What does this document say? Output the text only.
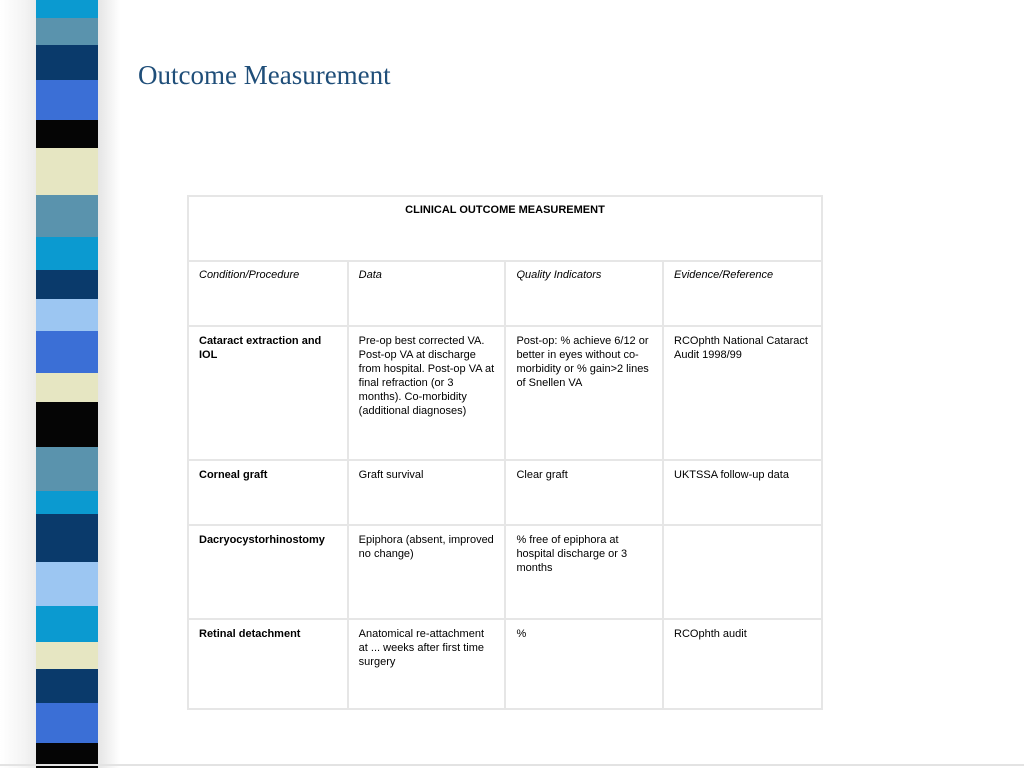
Outcome Measurement
CLINICAL OUTCOME MEASUREMENT			
Condition/Procedure	Data	Quality Indicators	Evidence/Reference
Cataract extraction and IOL	Pre-op best corrected VA. Post-op VA at discharge from hospital. Post-op VA at final refraction (or 3 months). Co-morbidity (additional diagnoses)	Post-op: % achieve 6/12 or better in eyes without co-morbidity or % gain>2 lines of Snellen VA	RCOphth National Cataract Audit 1998/99
Corneal graft	Graft survival	Clear graft	UKTSSA follow-up data
Dacryocystorhinostomy	Epiphora (absent, improved no change)	% free of epiphora at hospital discharge or 3 months	
Retinal detachment	Anatomical re-attachment at ... weeks after first time surgery	%	RCOphth audit
